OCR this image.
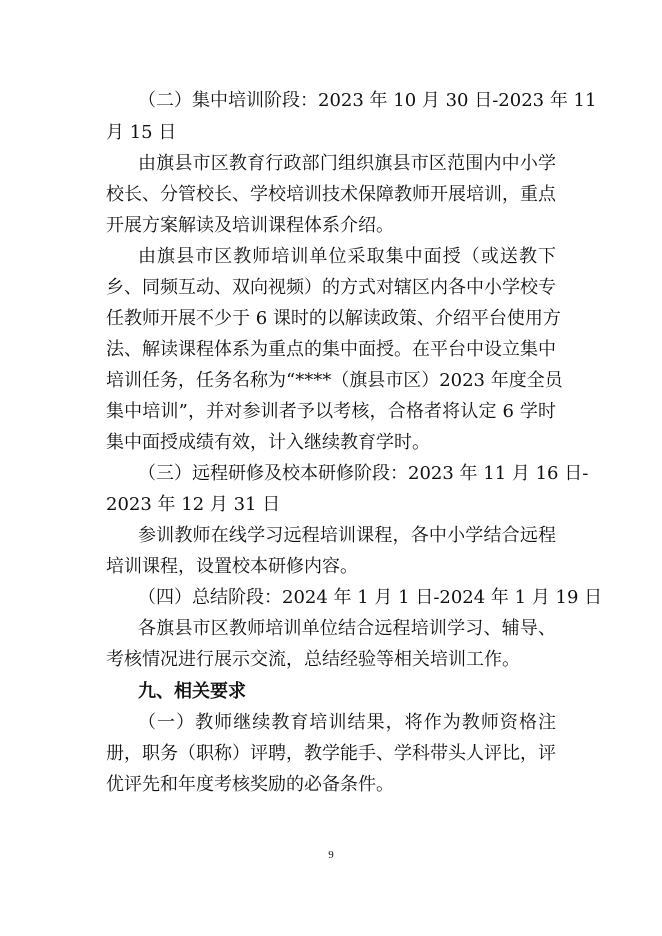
（二）集中培训阶段：2023 年 10 月 30 日-2023 年 11
月 15 日
由旗县市区教育行政部门组织旗县市区范围内中小学
校长、分管校长、学校培训技术保障教师开展培训，重点
开展方案解读及培训课程体系介绍。
由旗县市区教师培训单位采取集中面授（或送教下
乡、同频互动、双向视频）的方式对辖区内各中小学校专
任教师开展不少于 6 课时的以解读政策、介绍平台使用方
法、解读课程体系为重点的集中面授。在平台中设立集中
培训任务，任务名称为“****（旗县市区）2023 年度全员
集中培训”，并对参训者予以考核，合格者将认定 6 学时
集中面授成绩有效，计入继续教育学时。
（三）远程研修及校本研修阶段：2023 年 11 月 16 日-
2023 年 12 月 31 日
参训教师在线学习远程培训课程，各中小学结合远程
培训课程，设置校本研修内容。
（四）总结阶段：2024 年 1 月 1 日-2024 年 1 月 19 日
各旗县市区教师培训单位结合远程培训学习、辅导、
考核情况进行展示交流，总结经验等相关培训工作。
九、相关要求
（一）教师继续教育培训结果，将作为教师资格注
册，职务（职称）评聘，教学能手、学科带头人评比，评
优评先和年度考核奖励的必备条件。
9
